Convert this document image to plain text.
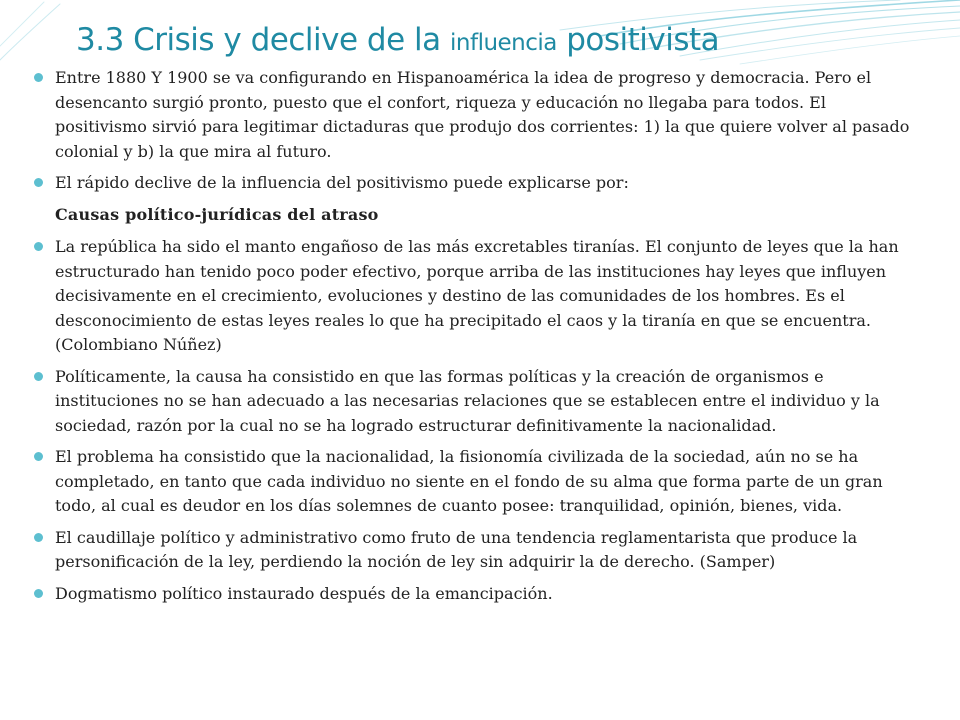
3.3 Crisis y declive de la influencia positivista
Entre 1880 Y 1900 se va configurando en Hispanoamérica la idea de progreso y democracia. Pero el desencanto surgió pronto, puesto que el confort, riqueza y educación no llegaba para todos. El positivismo sirvió para legitimar dictaduras que produjo dos corrientes: 1) la que quiere volver al pasado colonial y b) la que mira al futuro.
El rápido declive de la influencia del positivismo puede explicarse por:
Causas político-jurídicas del atraso
La república ha sido el manto engañoso de las más excretables tiranías. El conjunto de leyes que la han estructurado han tenido poco poder efectivo, porque arriba de las instituciones hay leyes que influyen decisivamente en el crecimiento, evoluciones y destino de las comunidades de los hombres. Es el desconocimiento de estas leyes reales lo que ha precipitado el caos y la tiranía en que se encuentra. (Colombiano Núñez)
Políticamente, la causa ha consistido en que las formas políticas y la creación de organismos e instituciones no se han adecuado a las necesarias relaciones que se establecen entre el individuo y la sociedad, razón por la cual no se ha logrado estructurar definitivamente la nacionalidad.
El problema ha consistido que la nacionalidad, la fisionomía civilizada de la sociedad, aún no se ha completado, en tanto que cada individuo no siente en el fondo de su alma que forma parte de un gran todo, al cual es deudor en los días solemnes de cuanto posee: tranquilidad, opinión, bienes, vida.
El caudillaje político y administrativo como fruto de una tendencia reglamentarista que produce la personificación de la ley, perdiendo la noción de ley sin adquirir la de derecho. (Samper)
Dogmatismo político instaurado después de la emancipación.
